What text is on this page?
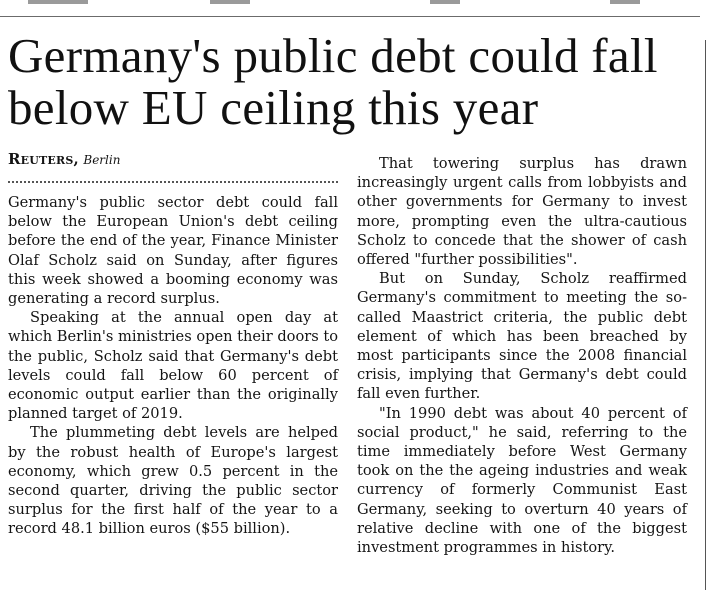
Germany's public debt could fall below EU ceiling this year
Reuters, Berlin

Germany's public sector debt could fall below the European Union's debt ceiling before the end of the year, Finance Minister Olaf Scholz said on Sunday, after figures this week showed a booming economy was generating a record surplus.

Speaking at the annual open day at which Berlin's ministries open their doors to the public, Scholz said that Germany's debt levels could fall below 60 percent of economic output earlier than the originally planned target of 2019.

The plummeting debt levels are helped by the robust health of Europe's largest economy, which grew 0.5 percent in the second quarter, driving the public sector surplus for the first half of the year to a record 48.1 billion euros ($55 billion).

That towering surplus has drawn increasingly urgent calls from lobbyists and other governments for Germany to invest more, prompting even the ultra-cautious Scholz to concede that the shower of cash offered "further possibilities".

But on Sunday, Scholz reaffirmed Germany's commitment to meeting the so-called Maastrict criteria, the public debt element of which has been breached by most participants since the 2008 financial crisis, implying that Germany's debt could fall even further.

"In 1990 debt was about 40 percent of social product," he said, referring to the time immediately before West Germany took on the the ageing industries and weak currency of formerly Communist East Germany, seeking to overturn 40 years of relative decline with one of the biggest investment programmes in history.
